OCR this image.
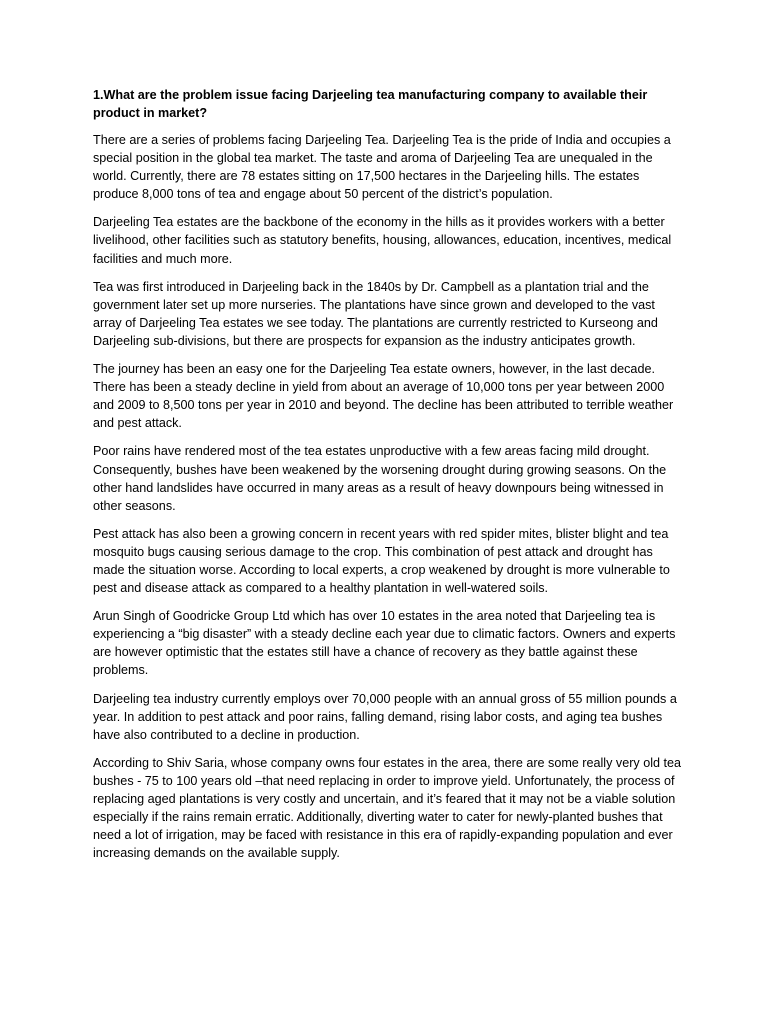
1.What are the problem issue facing Darjeeling tea manufacturing company to available their product in market?

There are a series of problems facing Darjeeling Tea. Darjeeling Tea is the pride of India and occupies a special position in the global tea market. The taste and aroma of Darjeeling Tea are unequaled in the world. Currently, there are 78 estates sitting on 17,500 hectares in the Darjeeling hills. The estates produce 8,000 tons of tea and engage about 50 percent of the district’s population.

Darjeeling Tea estates are the backbone of the economy in the hills as it provides workers with a better livelihood, other facilities such as statutory benefits, housing, allowances, education, incentives, medical facilities and much more.

Tea was first introduced in Darjeeling back in the 1840s by Dr. Campbell as a plantation trial and the government later set up more nurseries. The plantations have since grown and developed to the vast array of Darjeeling Tea estates we see today. The plantations are currently restricted to Kurseong and Darjeeling sub-divisions, but there are prospects for expansion as the industry anticipates growth.

The journey has been an easy one for the Darjeeling Tea estate owners, however, in the last decade. There has been a steady decline in yield from about an average of 10,000 tons per year between 2000 and 2009 to 8,500 tons per year in 2010 and beyond. The decline has been attributed to terrible weather and pest attack.

Poor rains have rendered most of the tea estates unproductive with a few areas facing mild drought. Consequently, bushes have been weakened by the worsening drought during growing seasons. On the other hand landslides have occurred in many areas as a result of heavy downpours being witnessed in other seasons.

Pest attack has also been a growing concern in recent years with red spider mites, blister blight and tea mosquito bugs causing serious damage to the crop. This combination of pest attack and drought has made the situation worse. According to local experts, a crop weakened by drought is more vulnerable to pest and disease attack as compared to a healthy plantation in well-watered soils.

Arun Singh of Goodricke Group Ltd which has over 10 estates in the area noted that Darjeeling tea is experiencing a “big disaster” with a steady decline each year due to climatic factors. Owners and experts are however optimistic that the estates still have a chance of recovery as they battle against these problems.

Darjeeling tea industry currently employs over 70,000 people with an annual gross of 55 million pounds a year. In addition to pest attack and poor rains, falling demand, rising labor costs, and aging tea bushes have also contributed to a decline in production.

According to Shiv Saria, whose company owns four estates in the area, there are some really very old tea bushes - 75 to 100 years old –that need replacing in order to improve yield. Unfortunately, the process of replacing aged plantations is very costly and uncertain, and it’s feared that it may not be a viable solution especially if the rains remain erratic. Additionally, diverting water to cater for newly-planted bushes that need a lot of irrigation, may be faced with resistance in this era of rapidly-expanding population and ever increasing demands on the available supply.
